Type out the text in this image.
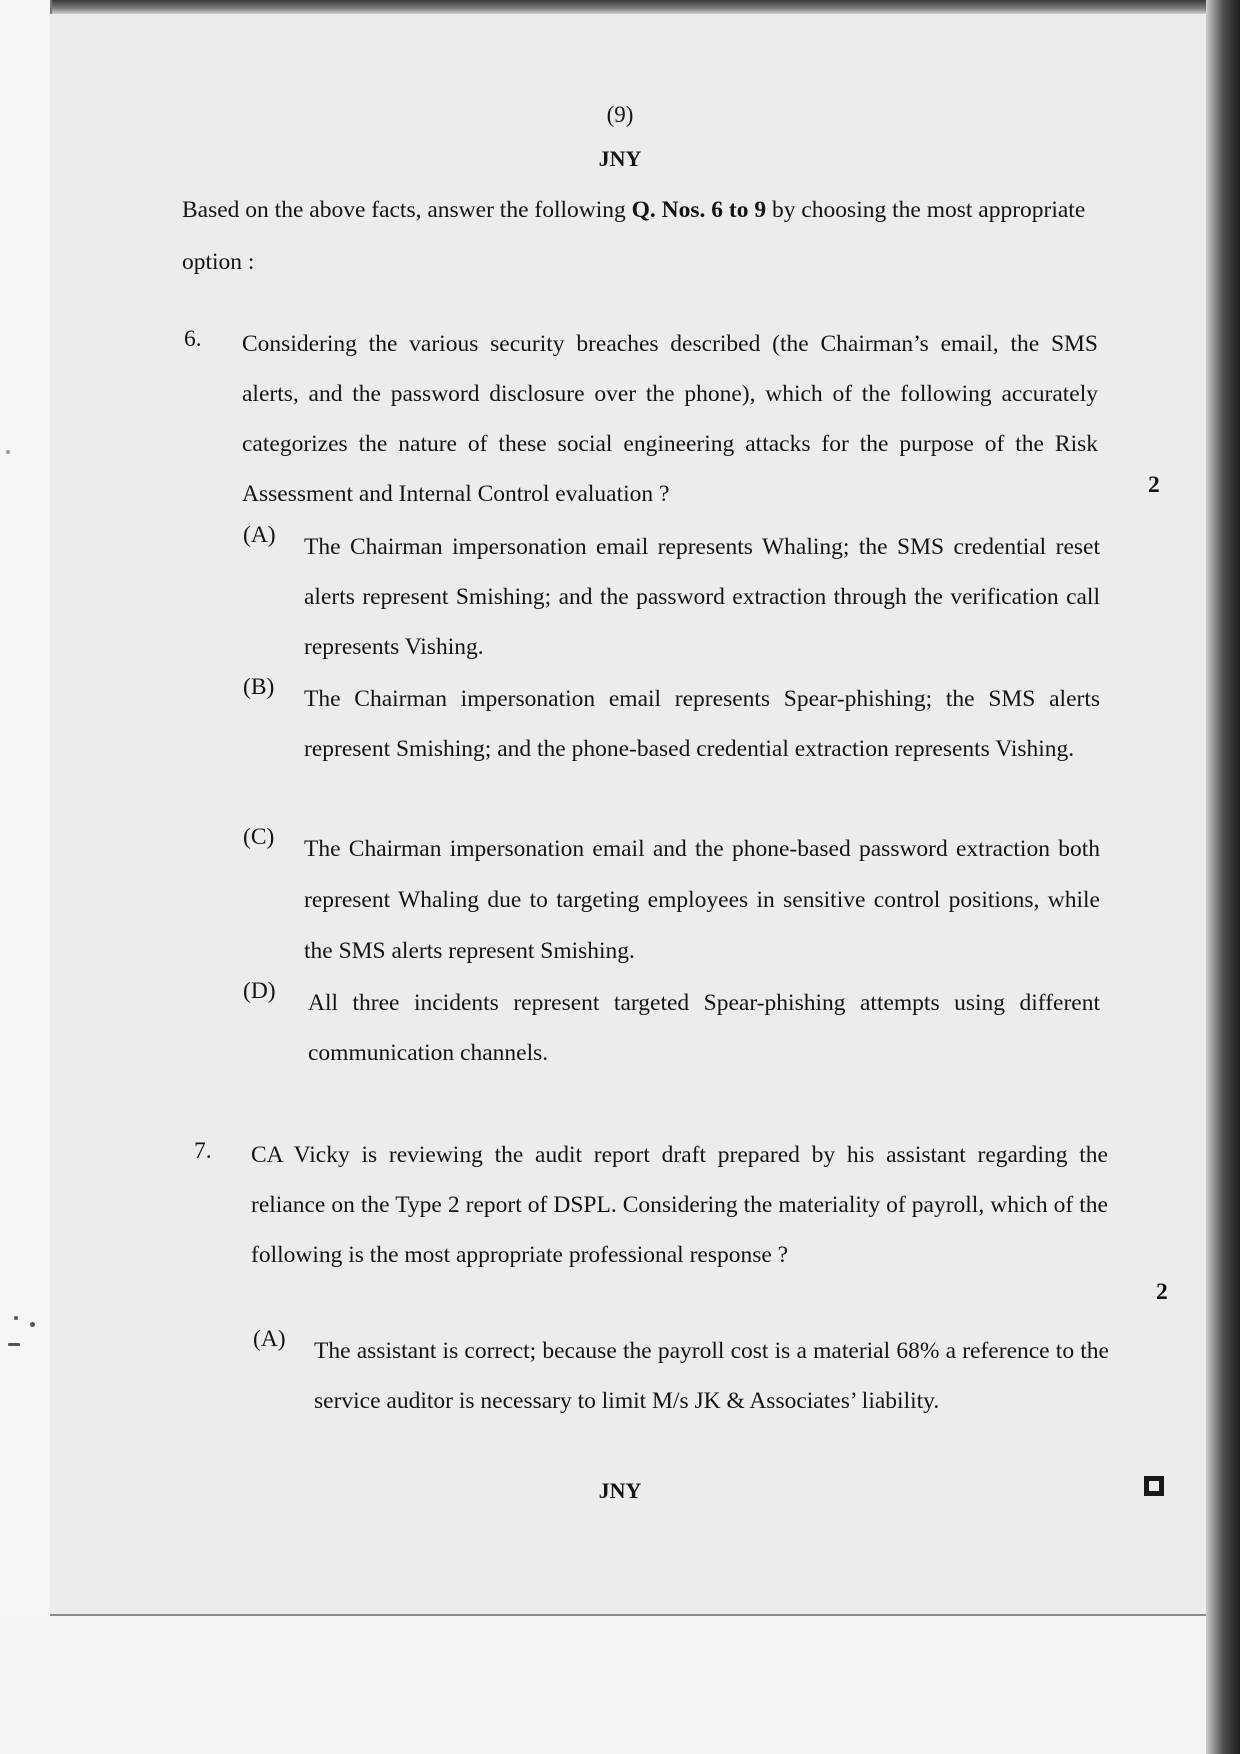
(9)
JNY
Based on the above facts, answer the following Q. Nos. 6 to 9 by choosing the most appropriate option :
6. Considering the various security breaches described (the Chairman’s email, the SMS alerts, and the password disclosure over the phone), which of the following accurately categorizes the nature of these social engineering attacks for the purpose of the Risk Assessment and Internal Control evaluation ?	2
(A) The Chairman impersonation email represents Whaling; the SMS credential reset alerts represent Smishing; and the password extraction through the verification call represents Vishing.
(B) The Chairman impersonation email represents Spear-phishing; the SMS alerts represent Smishing; and the phone-based credential extraction represents Vishing.
(C) The Chairman impersonation email and the phone-based password extraction both represent Whaling due to targeting employees in sensitive control positions, while the SMS alerts represent Smishing.
(D) All three incidents represent targeted Spear-phishing attempts using different communication channels.
7. CA Vicky is reviewing the audit report draft prepared by his assistant regarding the reliance on the Type 2 report of DSPL. Considering the materiality of payroll, which of the following is the most appropriate professional response ?
2
(A) The assistant is correct; because the payroll cost is a material 68% a reference to the service auditor is necessary to limit M/s JK & Associates’ liability.
JNY
